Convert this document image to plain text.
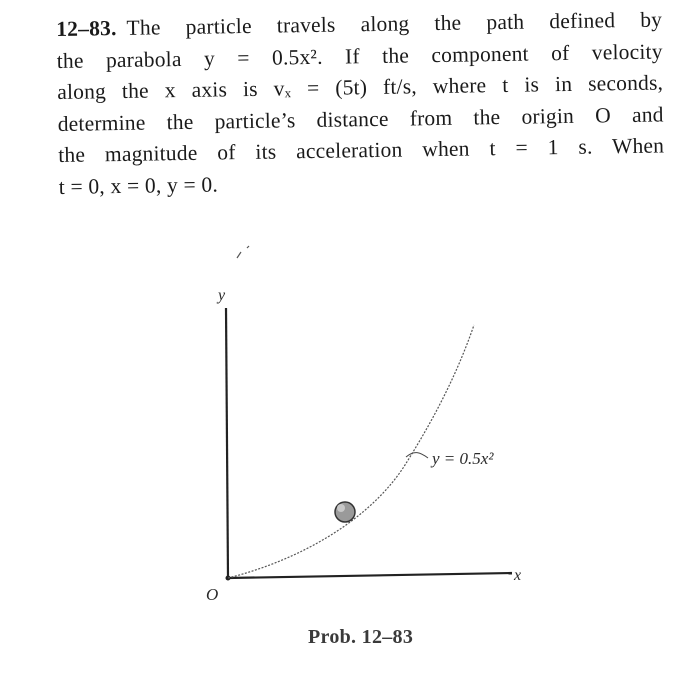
12–83. The particle travels along the path defined by
the parabola y = 0.5x². If the component of velocity
along the x axis is vₓ = (5t) ft/s, where t is in seconds,
determine the particle’s distance from the origin O and
the magnitude of its acceleration when t = 1 s. When
t = 0, x = 0, y = 0.
y
x
O
y = 0.5x²
Prob. 12–83
